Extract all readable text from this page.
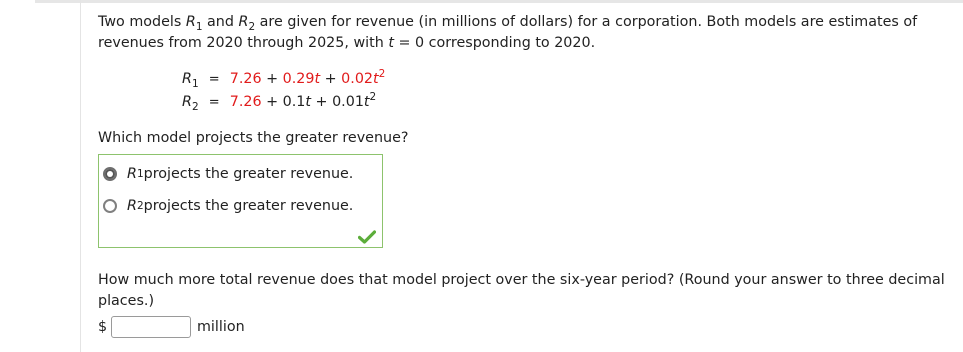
Two models $R_1$ and $R_2$ are given for revenue (in millions of dollars) for a corporation. Both models are estimates of revenues from 2020 through 2025, with t = 0 corresponding to 2020.

$R_1 = 7.26 + 0.29t + 0.02t^2$
$R_2 = 7.26 + 0.1t + 0.01t^2$
Which model projects the greater revenue?
R 1 projects the greater revenue.
R 2 projects the greater revenue.
How much more total revenue does that model project over the six-year period? (Round your answer to three decimal places.)
$	million
